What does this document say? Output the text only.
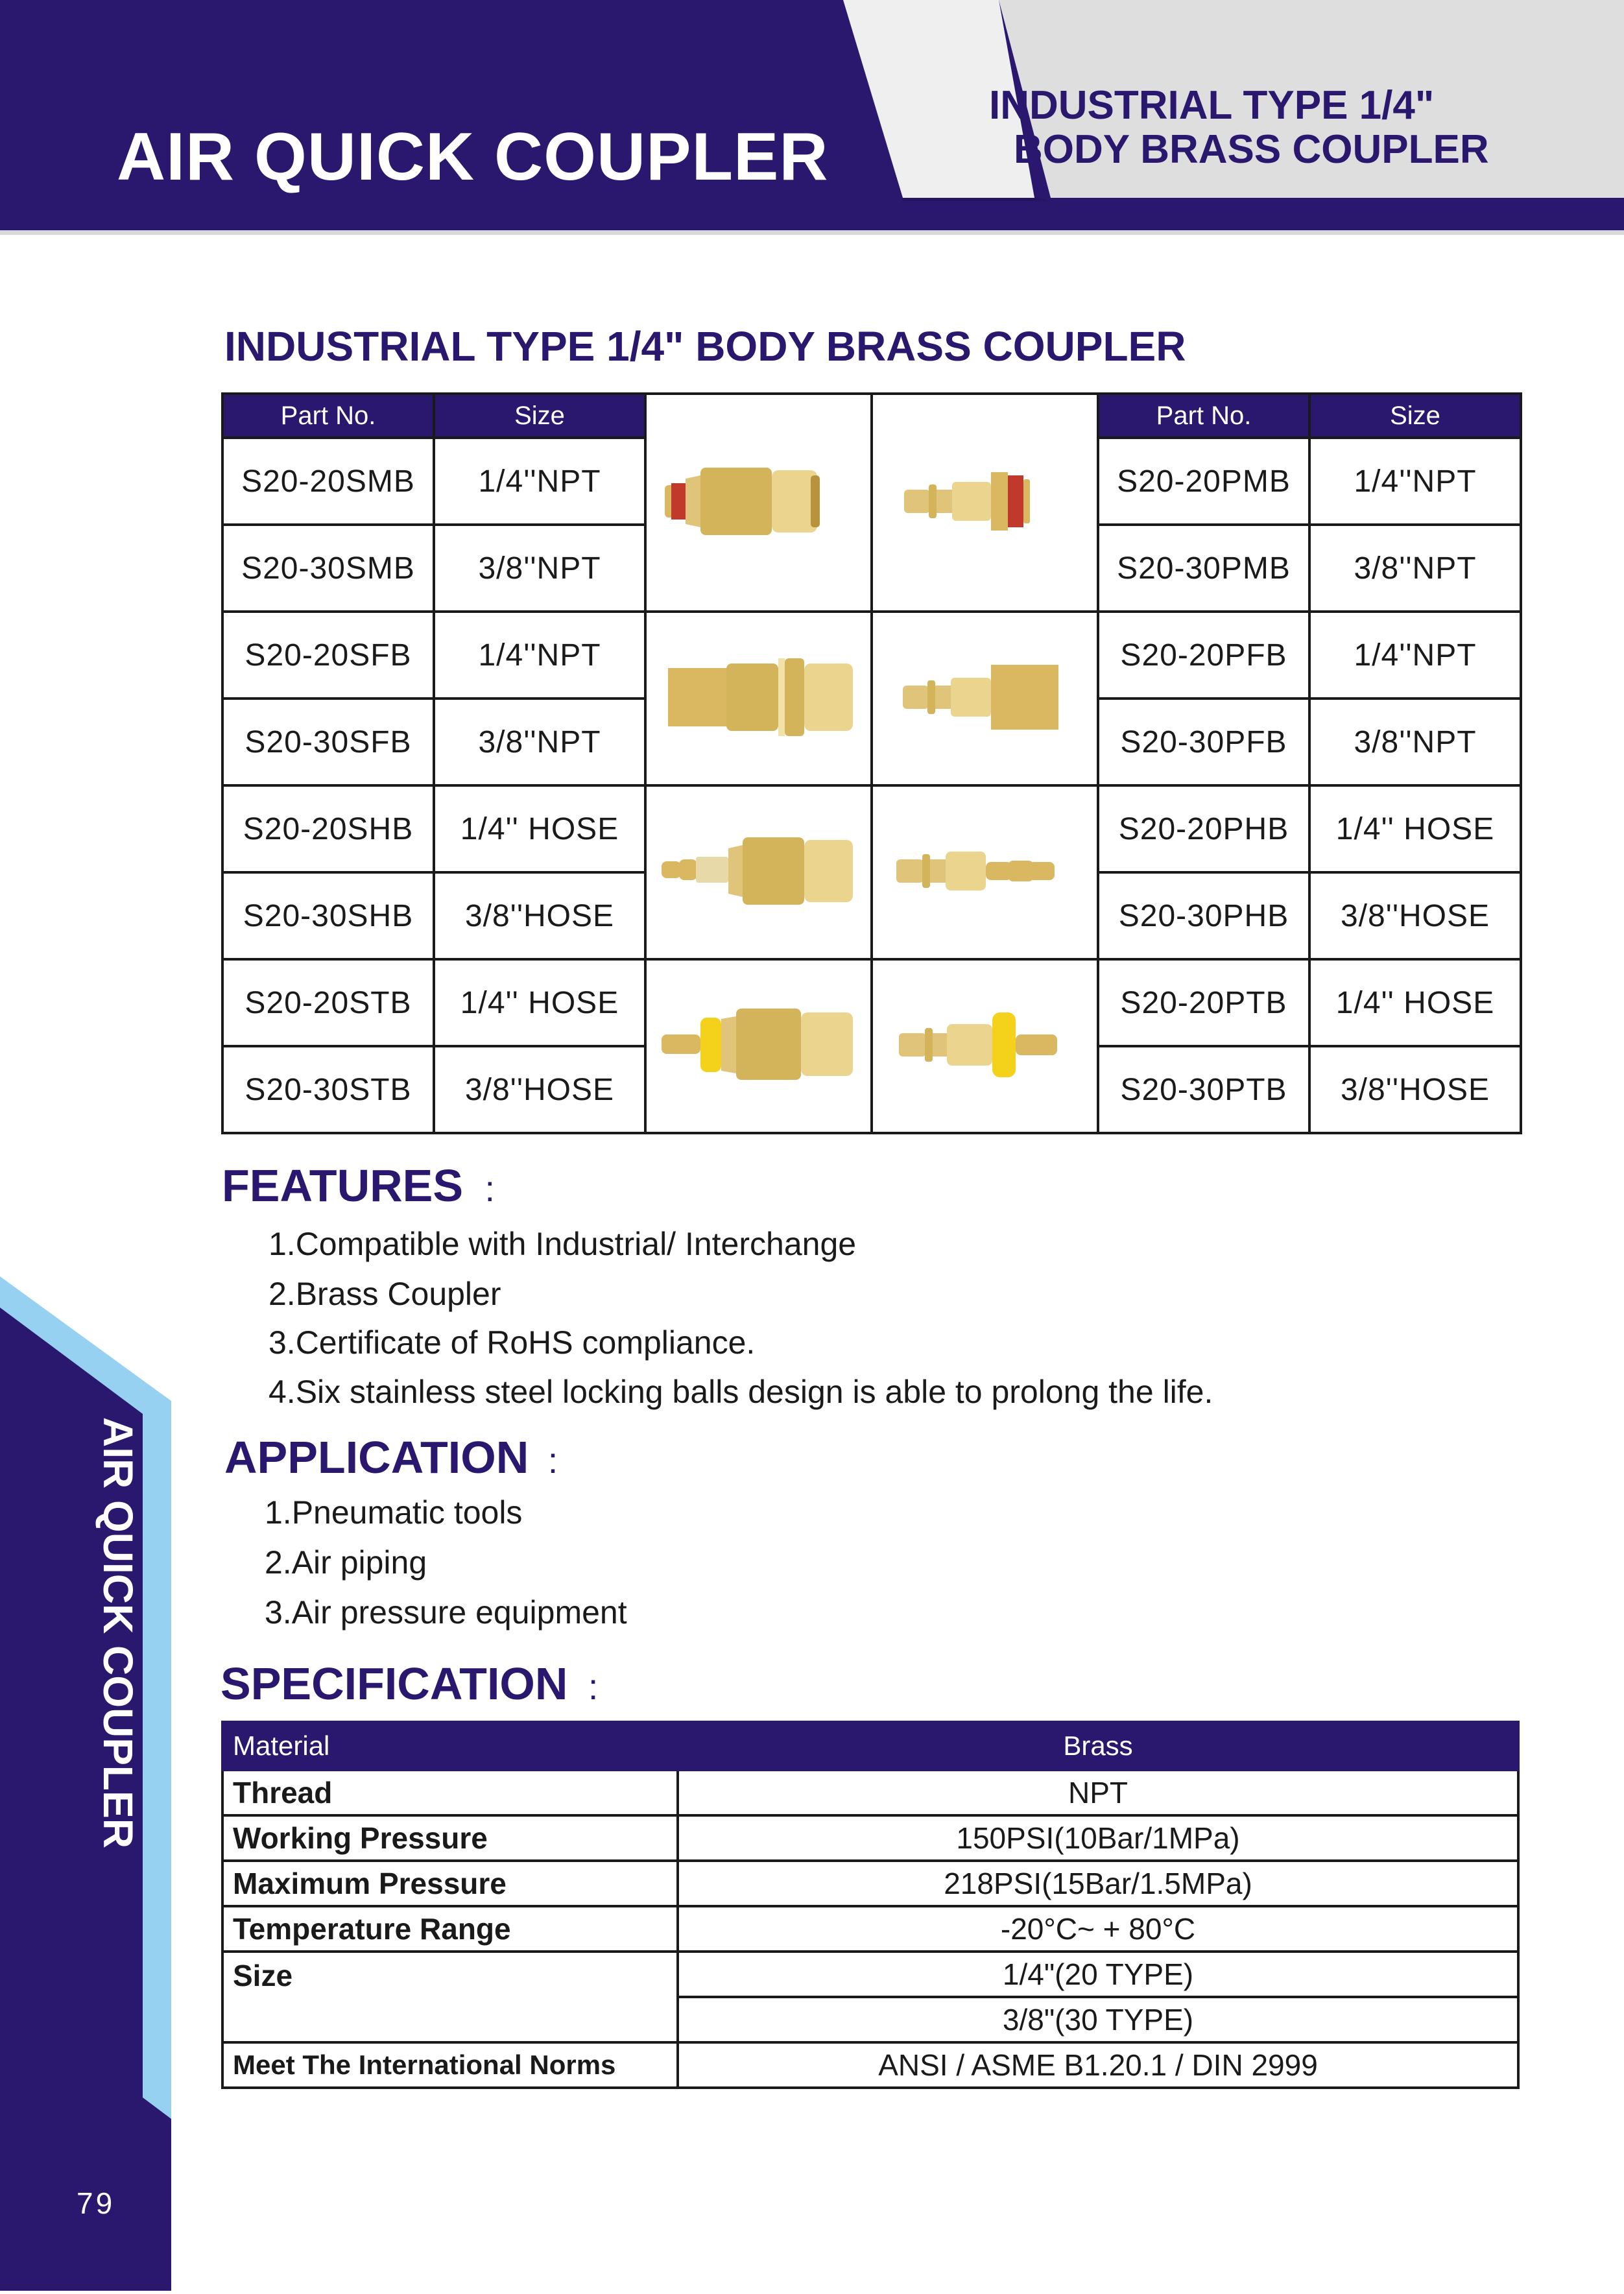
AIR QUICK COUPLER
INDUSTRIAL TYPE 1/4"
BODY BRASS COUPLER
INDUSTRIAL TYPE 1/4" BODY BRASS COUPLER
Part No.	Size			Part No.	Size
S20-20SMB	1/4''NPT			S20-20PMB	1/4''NPT
S20-30SMB	3/8''NPT			S20-30PMB	3/8''NPT
S20-20SFB	1/4''NPT			S20-20PFB	1/4''NPT
S20-30SFB	3/8''NPT			S20-30PFB	3/8''NPT
S20-20SHB	1/4'' HOSE			S20-20PHB	1/4'' HOSE
S20-30SHB	3/8''HOSE			S20-30PHB	3/8''HOSE
S20-20STB	1/4'' HOSE			S20-20PTB	1/4'' HOSE
S20-30STB	3/8''HOSE			S20-30PTB	3/8''HOSE
FEATURES :
1.Compatible with Industrial/ Interchange
2.Brass Coupler
3.Certificate of RoHS compliance.
4.Six stainless steel locking balls design is able to prolong the life.
APPLICATION :
1.Pneumatic tools
2.Air piping
3.Air pressure equipment
SPECIFICATION :
Material	Brass
Thread	NPT
Working Pressure	150PSI(10Bar/1MPa)
Maximum Pressure	218PSI(15Bar/1.5MPa)
Temperature Range	-20°C~ + 80°C
Size	1/4"(20 TYPE)
	3/8"(30 TYPE)
Meet The International Norms	ANSI / ASME B1.20.1 / DIN 2999
AIR QUICK COUPLER
79
